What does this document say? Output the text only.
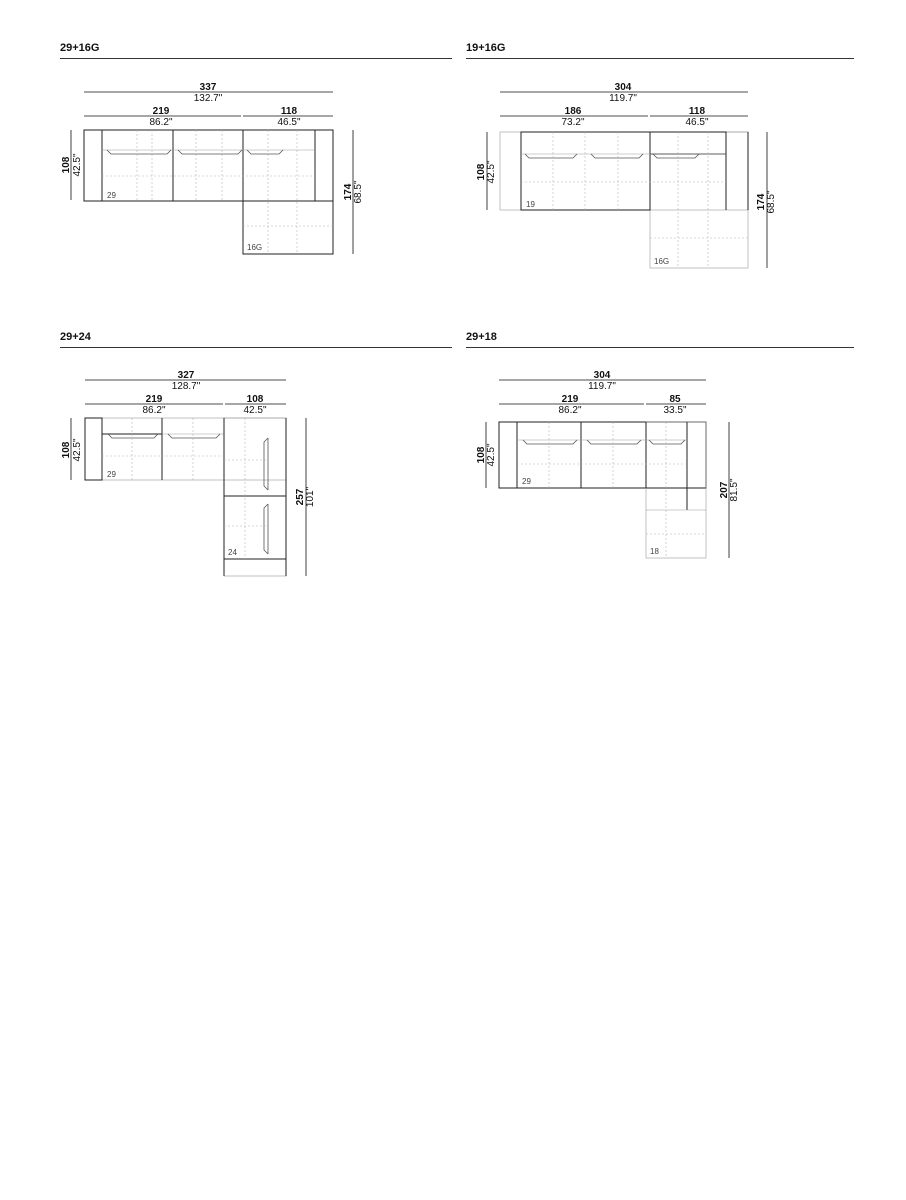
29+16G
337
132.7"
219
86.2"
118
46.5"
108 42.5"
174 68.5"
29
16G
19+16G
304
119.7"
186
73.2"
118
46.5"
108 42.5"
174 68.5"
19
16G
29+24
327
128.7"
219
86.2"
108
42.5"
108 42.5"
257 101"
29
24
29+18
304
119.7"
219
86.2"
85
33.5"
108 42.5"
207 81.5"
29
18
